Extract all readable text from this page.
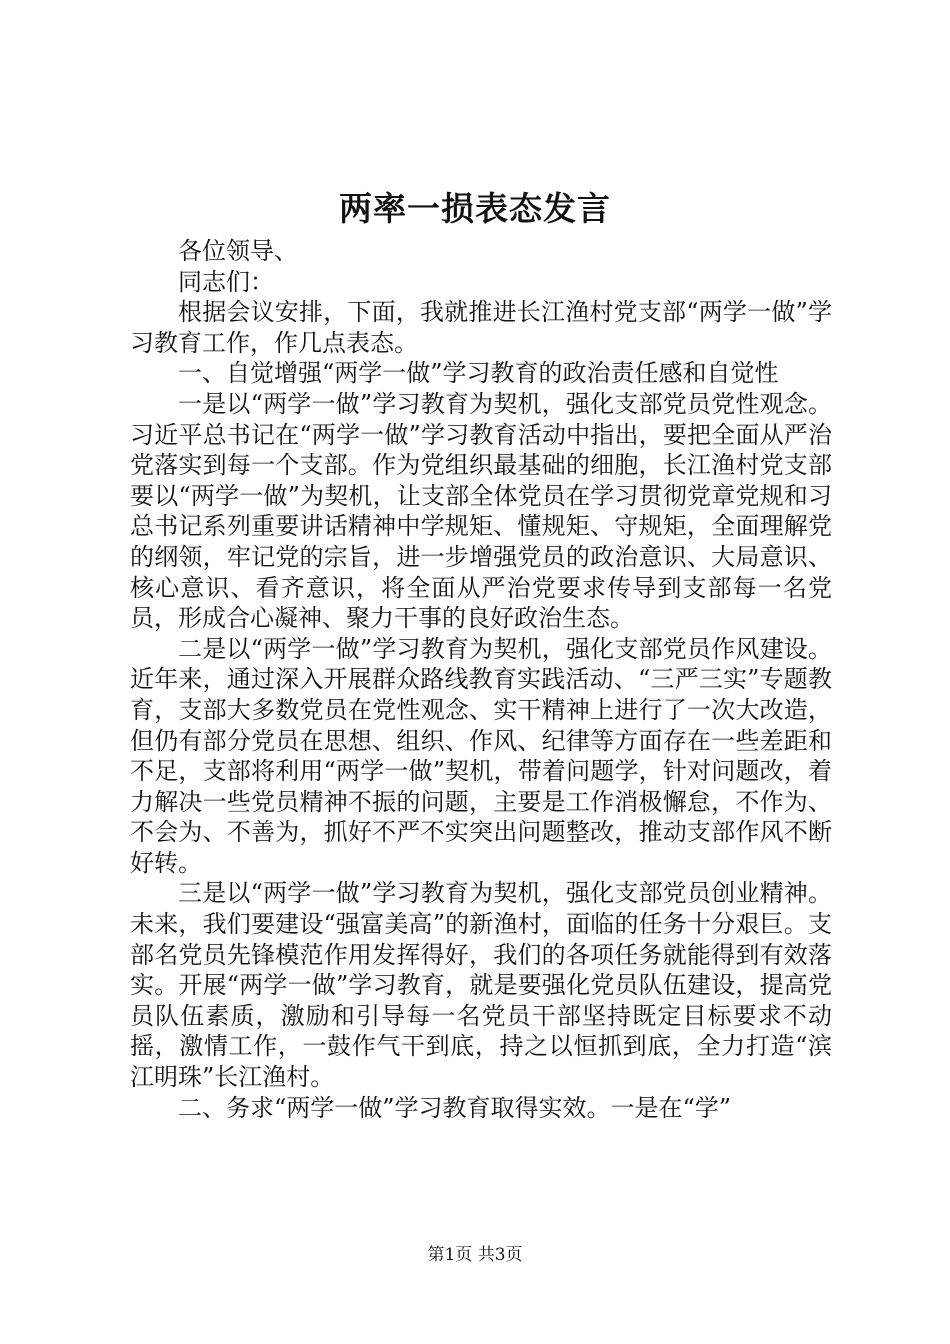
两率一损表态发言

各位领导、

同志们：

根据会议安排，下面，我就推进长江渔村党支部“两学一做”学习教育工作，作几点表态。

一、自觉增强“两学一做”学习教育的政治责任感和自觉性

一是以“两学一做”学习教育为契机，强化支部党员党性观念。习近平总书记在“两学一做”学习教育活动中指出，要把全面从严治党落实到每一个支部。作为党组织最基础的细胞，长江渔村党支部要以“两学一做”为契机，让支部全体党员在学习贯彻党章党规和习总书记系列重要讲话精神中学规矩、懂规矩、守规矩，全面理解党的纲领，牢记党的宗旨，进一步增强党员的政治意识、大局意识、核心意识、看齐意识，将全面从严治党要求传导到支部每一名党员，形成合心凝神、聚力干事的良好政治生态。

二是以“两学一做”学习教育为契机，强化支部党员作风建设。近年来，通过深入开展群众路线教育实践活动、“三严三实”专题教育，支部大多数党员在党性观念、实干精神上进行了一次大改造，但仍有部分党员在思想、组织、作风、纪律等方面存在一些差距和不足，支部将利用“两学一做”契机，带着问题学，针对问题改，着力解决一些党员精神不振的问题，主要是工作消极懈怠，不作为、不会为、不善为，抓好不严不实突出问题整改，推动支部作风不断好转。

三是以“两学一做”学习教育为契机，强化支部党员创业精神。未来，我们要建设“强富美高”的新渔村，面临的任务十分艰巨。支部名党员先锋模范作用发挥得好，我们的各项任务就能得到有效落实。开展“两学一做”学习教育，就是要强化党员队伍建设，提高党员队伍素质，激励和引导每一名党员干部坚持既定目标要求不动摇，激情工作，一鼓作气干到底，持之以恒抓到底，全力打造“滨江明珠”长江渔村。

二、务求“两学一做”学习教育取得实效。一是在“学”

第1页 共3页
